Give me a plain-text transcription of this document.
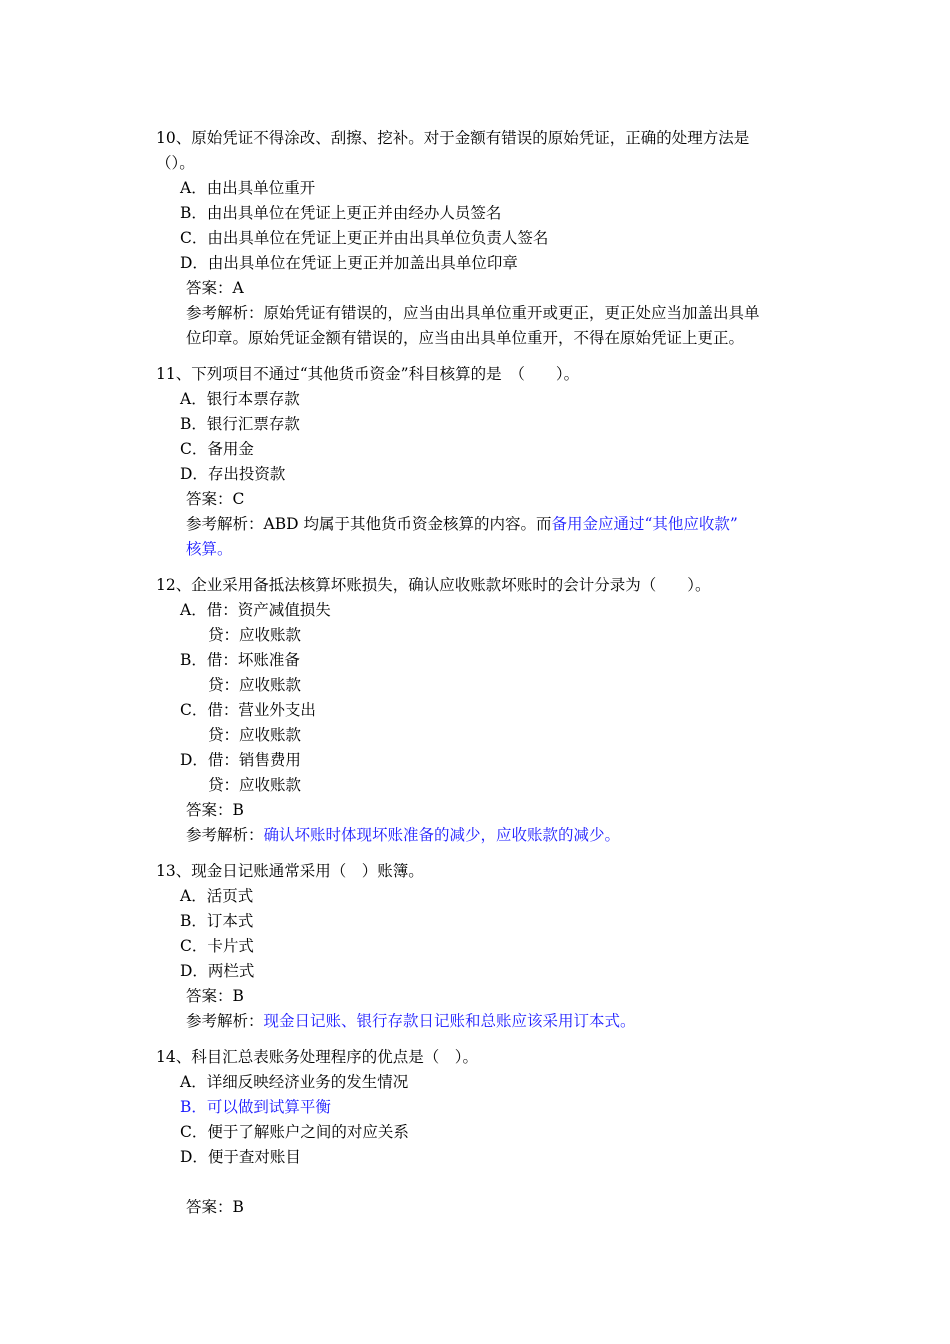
10、原始凭证不得涂改、刮擦、挖补。对于金额有错误的原始凭证，正确的处理方法是
（）。
A．由出具单位重开
B．由出具单位在凭证上更正并由经办人员签名
C．由出具单位在凭证上更正并由出具单位负责人签名
D．由出具单位在凭证上更正并加盖出具单位印章
答案：A
参考解析：原始凭证有错误的，应当由出具单位重开或更正，更正处应当加盖出具单
位印章。原始凭证金额有错误的，应当由出具单位重开，不得在原始凭证上更正。
11、下列项目不通过“其他货币资金”科目核算的是　（　　）。
A．银行本票存款
B．银行汇票存款
C．备用金
D．存出投资款
答案：C
参考解析：ABD 均属于其他货币资金核算的内容。而备用金应通过“其他应收款”
核算。
12、企业采用备抵法核算坏账损失，确认应收账款坏账时的会计分录为（　　）。
A．借：资产减值损失
贷：应收账款
B．借：坏账准备
贷：应收账款
C．借：营业外支出
贷：应收账款
D．借：销售费用
贷：应收账款
答案：B
参考解析：确认坏账时体现坏账准备的减少，应收账款的减少。
13、现金日记账通常采用（　）账簿。
A．活页式
B．订本式
C．卡片式
D．两栏式
答案：B
参考解析：现金日记账、银行存款日记账和总账应该采用订本式。
14、科目汇总表账务处理程序的优点是（　）。
A．详细反映经济业务的发生情况
B．可以做到试算平衡
C．便于了解账户之间的对应关系
D．便于查对账目
答案：B
